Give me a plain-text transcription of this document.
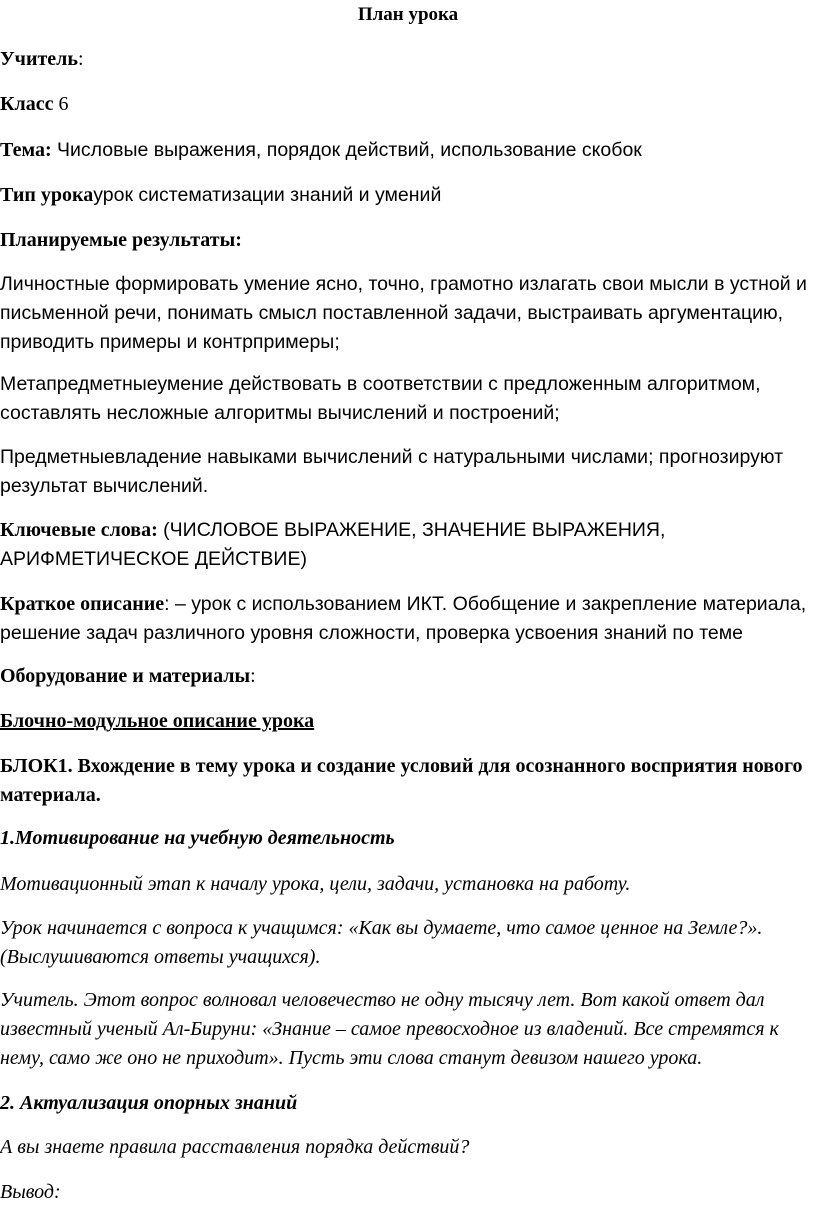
План урока
Учитель:
Класс 6
Тема: Числовые выражения, порядок действий, использование скобок
Тип урокаурок систематизации знаний и умений
Планируемые результаты:
Личностные формировать умение ясно, точно, грамотно излагать свои мысли в устной и письменной речи, понимать смысл поставленной задачи, выстраивать аргументацию, приводить примеры и контрпримеры;
Метапредметныеумение действовать в соответствии с предложенным алгоритмом, составлять несложные алгоритмы вычислений и построений;
Предметныевладение навыками вычислений с натуральными числами; прогнозируют результат вычислений.
Ключевые слова: (ЧИСЛОВОЕ ВЫРАЖЕНИЕ, ЗНАЧЕНИЕ ВЫРАЖЕНИЯ, АРИФМЕТИЧЕСКОЕ ДЕЙСТВИЕ)
Краткое описание: – урок с использованием ИКТ. Обобщение и закрепление материала, решение задач различного уровня сложности, проверка усвоения знаний по теме
Оборудование и материалы:
Блочно-модульное описание урока
БЛОК1. Вхождение в тему урока и создание условий для осознанного восприятия нового материала.
1.Мотивирование на учебную деятельность
Мотивационный этап к началу урока, цели, задачи, установка на работу.
Урок начинается с вопроса к учащимся: «Как вы думаете, что самое ценное на Земле?». (Выслушиваются ответы учащихся).
Учитель. Этот вопрос волновал человечество не одну тысячу лет. Вот какой ответ дал известный ученый Ал-Бируни: «Знание – самое превосходное из владений. Все стремятся к нему, само же оно не приходит». Пусть эти слова станут девизом нашего урока.
2. Актуализация опорных знаний
А вы знаете правила расставления порядка действий?
Вывод:
